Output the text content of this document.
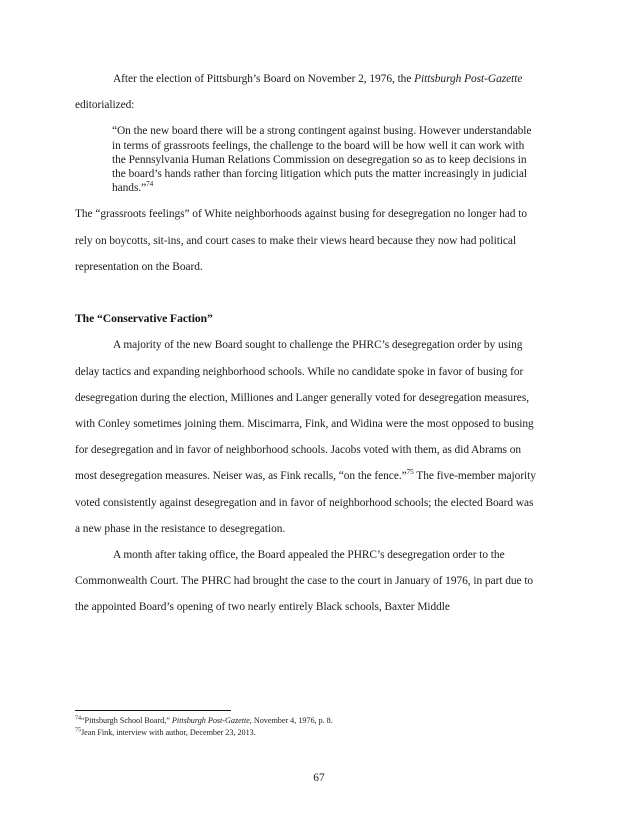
After the election of Pittsburgh’s Board on November 2, 1976, the Pittsburgh Post-Gazette editorialized:

“On the new board there will be a strong contingent against busing. However understandable in terms of grassroots feelings, the challenge to the board will be how well it can work with the Pennsylvania Human Relations Commission on desegregation so as to keep decisions in the board’s hands rather than forcing litigation which puts the matter increasingly in judicial hands.”$^{74}$

The “grassroots feelings” of White neighborhoods against busing for desegregation no longer had to rely on boycotts, sit-ins, and court cases to make their views heard because they now had political representation on the Board.

The “Conservative Faction”

A majority of the new Board sought to challenge the PHRC’s desegregation order by using delay tactics and expanding neighborhood schools. While no candidate spoke in favor of busing for desegregation during the election, Milliones and Langer generally voted for desegregation measures, with Conley sometimes joining them. Miscimarra, Fink, and Widina were the most opposed to busing for desegregation and in favor of neighborhood schools. Jacobs voted with them, as did Abrams on most desegregation measures. Neiser was, as Fink recalls, “on the fence.”$^{75}$ The five-member majority voted consistently against desegregation and in favor of neighborhood schools; the elected Board was a new phase in the resistance to desegregation.

A month after taking office, the Board appealed the PHRC’s desegregation order to the Commonwealth Court. The PHRC had brought the case to the court in January of 1976, in part due to the appointed Board’s opening of two nearly entirely Black schools, Baxter Middle

$^{74}$“Pittsburgh School Board,” Pittsburgh Post-Gazette, November 4, 1976, p. 8.

$^{75}$Jean Fink, interview with author, December 23, 2013.

67
